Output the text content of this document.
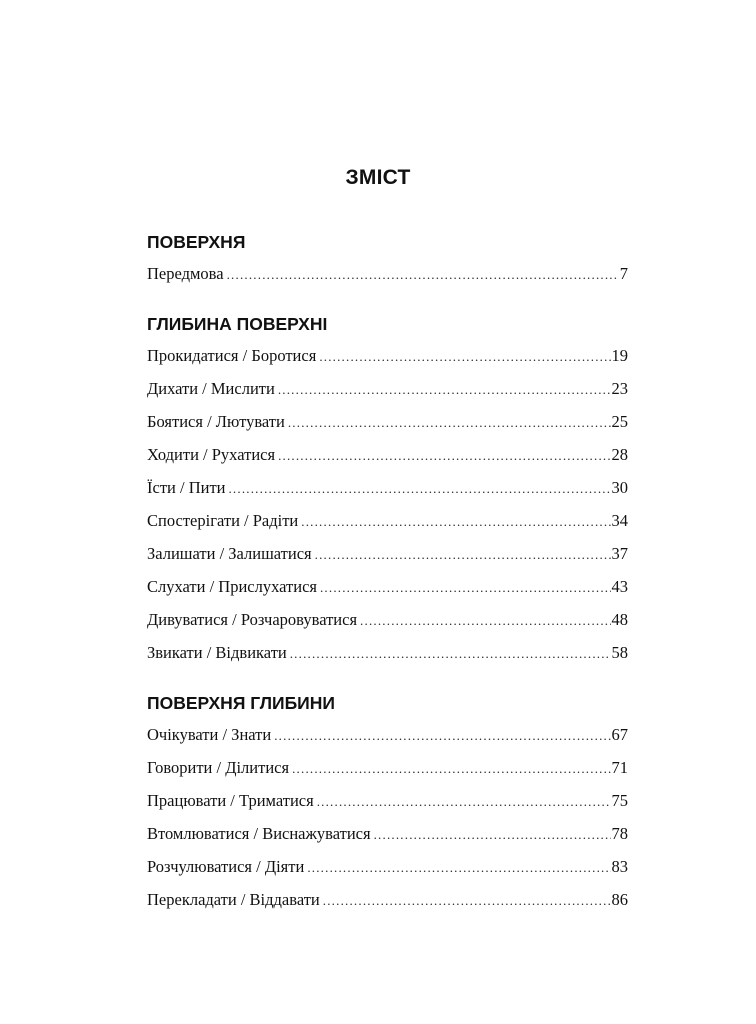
ЗМІСТ
ПОВЕРХНЯ
Передмова .....	7
ГЛИБИНА ПОВЕРХНІ
Прокидатися / Боротися .....	19
Дихати / Мислити .....	23
Боятися / Лютувати .....	25
Ходити / Рухатися .....	28
Їсти / Пити .....	30
Спостерігати / Радіти .....	34
Залишати / Залишатися .....	37
Слухати / Прислухатися .....	43
Дивуватися / Розчаровуватися .....	48
Звикати / Відвикати .....	58
ПОВЕРХНЯ ГЛИБИНИ
Очікувати / Знати .....	67
Говорити / Ділитися .....	71
Працювати / Триматися .....	75
Втомлюватися / Виснажуватися .....	78
Розчулюватися / Діяти .....	83
Перекладати / Віддавати .....	86
